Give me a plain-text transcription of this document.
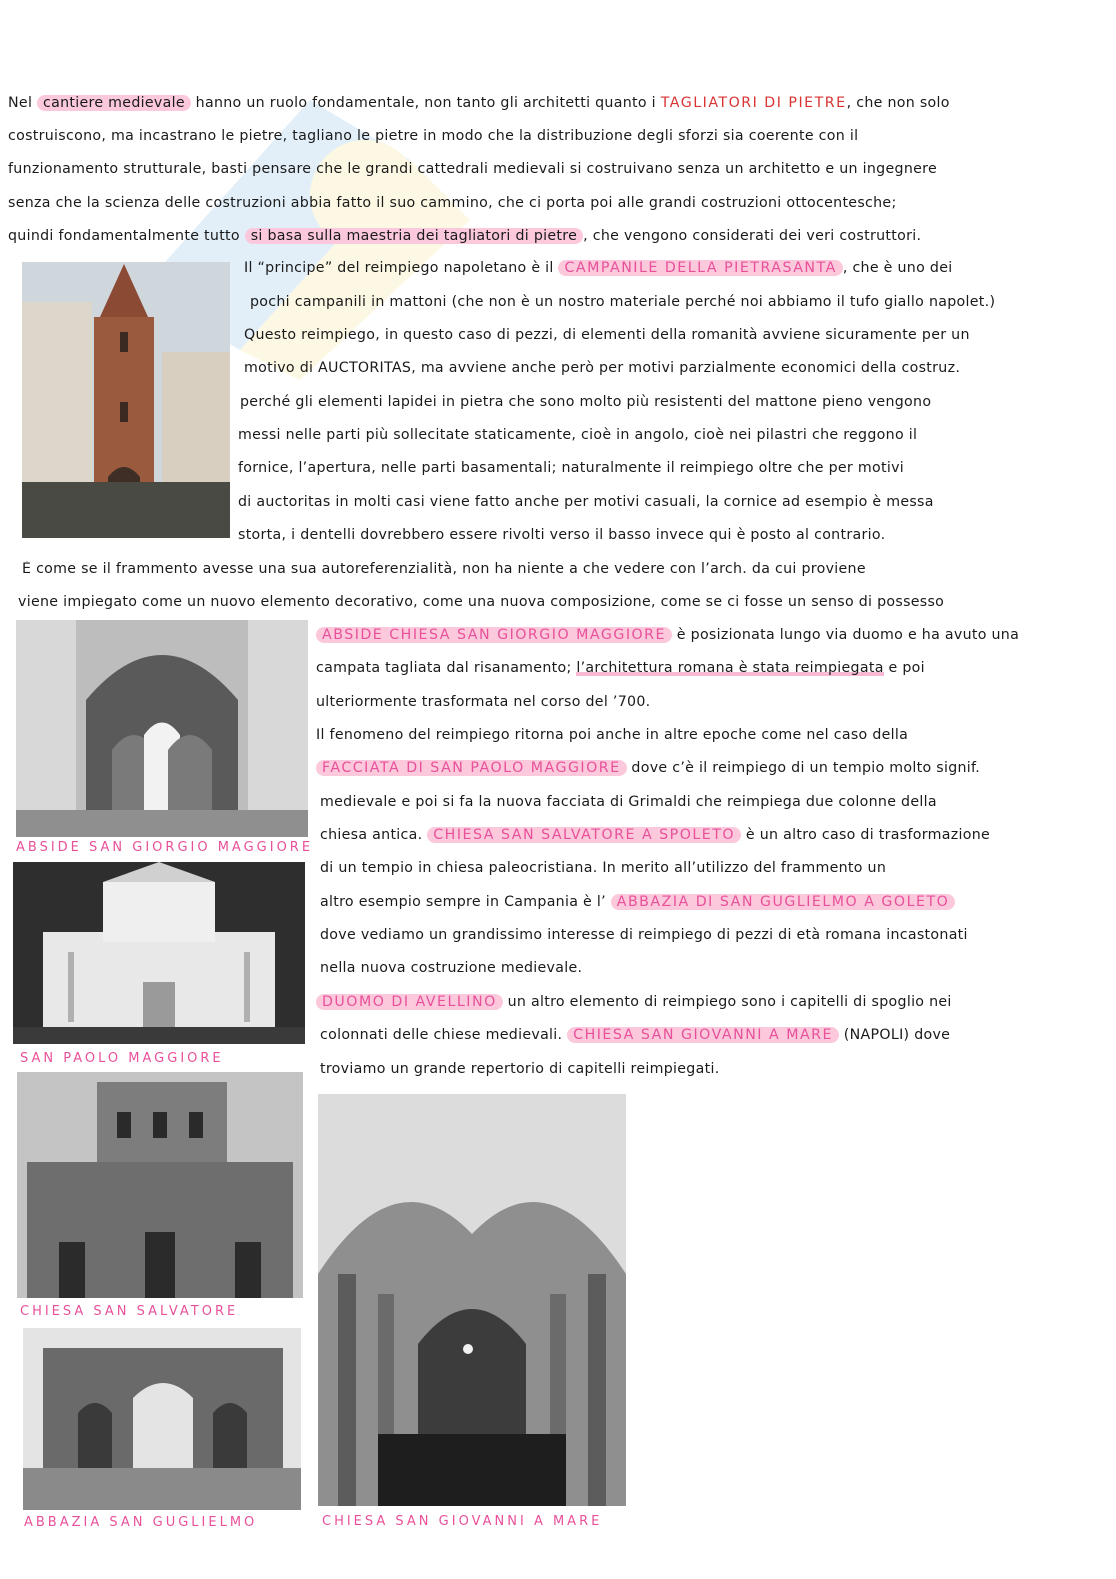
Nel cantiere medievale hanno un ruolo fondamentale, non tanto gli architetti quanto i TAGLIATORI DI PIETRE, che non solo
costruiscono, ma incastrano le pietre, tagliano le pietre in modo che la distribuzione degli sforzi sia coerente con il
funzionamento strutturale, basti pensare che le grandi cattedrali medievali si costruivano senza un architetto e un ingegnere
senza che la scienza delle costruzioni abbia fatto il suo cammino, che ci porta poi alle grandi costruzioni ottocentesche;
quindi fondamentalmente tutto si basa sulla maestria dei tagliatori di pietre , che vengono considerati dei veri costruttori.
Il “principe” del reimpiego napoletano è il CAMPANILE DELLA PIETRASANTA , che è uno dei
pochi campanili in mattoni (che non è un nostro materiale perché noi abbiamo il tufo giallo napolet.)
Questo reimpiego, in questo caso di pezzi, di elementi della romanità avviene sicuramente per un
motivo di AUCTORITAS, ma avviene anche però per motivi parzialmente economici della costruz.
perché gli elementi lapidei in pietra che sono molto più resistenti del mattone pieno vengono
messi nelle parti più sollecitate staticamente, cioè in angolo, cioè nei pilastri che reggono il
fornice, l’apertura, nelle parti basamentali; naturalmente il reimpiego oltre che per motivi
di auctoritas in molti casi viene fatto anche per motivi casuali, la cornice ad esempio è messa
storta, i dentelli dovrebbero essere rivolti verso il basso invece qui è posto al contrario.
È come se il frammento avesse una sua autoreferenzialità, non ha niente a che vedere con l’arch. da cui proviene
viene impiegato come un nuovo elemento decorativo, come una nuova composizione, come se ci fosse un senso di possesso
ABSIDE CHIESA SAN GIORGIO MAGGIORE è posizionata lungo via duomo e ha avuto una
campata tagliata dal risanamento; l’architettura romana è stata reimpiegata e poi
ulteriormente trasformata nel corso del ’700.
Il fenomeno del reimpiego ritorna poi anche in altre epoche come nel caso della
FACCIATA DI SAN PAOLO MAGGIORE dove c’è il reimpiego di un tempio molto signif.
medievale e poi si fa la nuova facciata di Grimaldi che reimpiega due colonne della
chiesa antica. CHIESA SAN SALVATORE A SPOLETO è un altro caso di trasformazione
di un tempio in chiesa paleocristiana. In merito all’utilizzo del frammento un
altro esempio sempre in Campania è l’ ABBAZIA DI SAN GUGLIELMO A GOLETO
dove vediamo un grandissimo interesse di reimpiego di pezzi di età romana incastonati
nella nuova costruzione medievale.
DUOMO DI AVELLINO un altro elemento di reimpiego sono i capitelli di spoglio nei
colonnati delle chiese medievali. CHIESA SAN GIOVANNI A MARE (NAPOLI) dove
troviamo un grande repertorio di capitelli reimpiegati.
ABSIDE SAN GIORGIO MAGGIORE
SAN PAOLO MAGGIORE
CHIESA SAN SALVATORE
ABBAZIA SAN GUGLIELMO	CHIESA SAN GIOVANNI A MARE
